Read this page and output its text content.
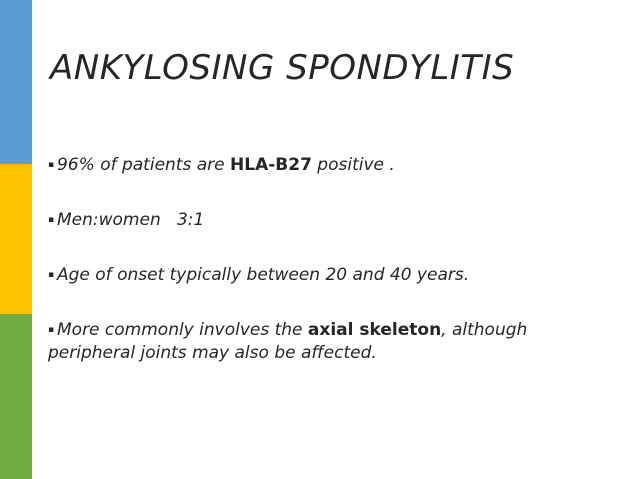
ANKYLOSING SPONDYLITIS
▪ 96% of patients are HLA-B27 positive .
▪ Men:women   3:1
▪ Age of onset typically between 20 and 40 years.
▪ More commonly involves the axial skeleton, although peripheral joints may also be affected.
